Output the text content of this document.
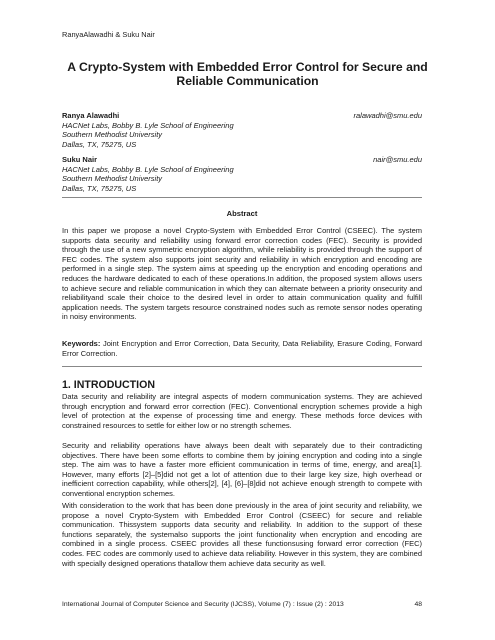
RanyaAlawadhi & Suku Nair
A Crypto-System with Embedded Error Control for Secure and Reliable Communication
Ranya Alawadhi	ralawadhi@smu.edu
HACNet Labs, Bobby B. Lyle School of Engineering
Southern Methodist University
Dallas, TX, 75275, US
Suku Nair	nair@smu.edu
HACNet Labs, Bobby B. Lyle School of Engineering
Southern Methodist University
Dallas, TX, 75275, US
Abstract

In this paper we propose a novel Crypto-System with Embedded Error Control (CSEEC). The system supports data security and reliability using forward error correction codes (FEC). Security is provided through the use of a new symmetric encryption algorithm, while reliability is provided through the support of FEC codes. The system also supports joint security and reliability in which encryption and encoding are performed in a single step. The system aims at speeding up the encryption and encoding operations and reduces the hardware dedicated to each of these operations.In addition, the proposed system allows users to achieve secure and reliable communication in which they can alternate between a priority onsecurity and reliabilityand scale their choice to the desired level in order to attain communication quality and fulfill application needs. The system targets resource constrained nodes such as remote sensor nodes operating in noisy environments.

Keywords: Joint Encryption and Error Correction, Data Security, Data Reliability, Erasure Coding, Forward Error Correction.

1. INTRODUCTION

Data security and reliability are integral aspects of modern communication systems. They are achieved through encryption and forward error correction (FEC). Conventional encryption schemes provide a high level of protection at the expense of processing time and energy. These methods force devices with constrained resources to settle for either low or no strength schemes.

Security and reliability operations have always been dealt with separately due to their contradicting objectives. There have been some efforts to combine them by joining encryption and coding into a single step. The aim was to have a faster more efficient communication in terms of time, energy, and area[1]. However, many efforts [2]–[5]did not get a lot of attention due to their large key size, high overhead or inefficient correction capability, while others[2], [4], [6]–[8]did not achieve enough strength to compete with conventional encryption schemes.

With consideration to the work that has been done previously in the area of joint security and reliability, we propose a novel Crypto-System with Embedded Error Control (CSEEC) for secure and reliable communication. Thissystem supports data security and reliability. In addition to the support of these functions separately, the systemalso supports the joint functionality when encryption and encoding are combined in a single process. CSEEC provides all these functionsusing forward error correction (FEC) codes. FEC codes are commonly used to achieve data reliability. However in this system, they are combined with specially designed operations thatallow them achieve data security as well.

International Journal of Computer Science and Security (IJCSS), Volume (7) : Issue (2) : 2013	48
